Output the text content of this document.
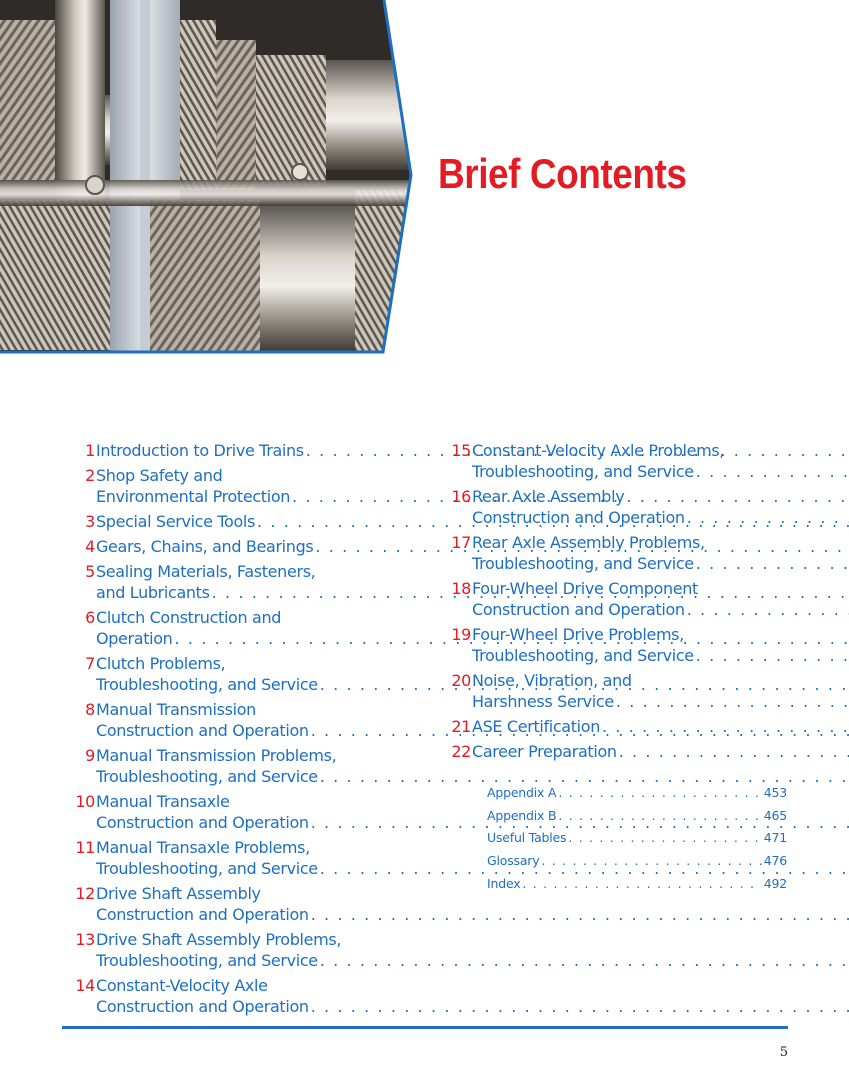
Brief Contents
1 Introduction to Drive Trains
. . .
2 Shop Safety and
Environmental Protection
. . .
3 Special Service Tools
. . .
4 Gears, Chains, and Bearings
. . .
5 Sealing Materials, Fasteners,
and Lubricants
. . .
6 Clutch Construction and
Operation
. . .
7 Clutch Problems,
Troubleshooting, and Service
. . .
8 Manual Transmission
Construction and Operation
. . .
9 Manual Transmission Problems,
Troubleshooting, and Service
. . .
10 Manual Transaxle
Construction and Operation
. . .
11 Manual Transaxle Problems,
Troubleshooting, and Service
. . .
12 Drive Shaft Assembly
Construction and Operation
. . .
13 Drive Shaft Assembly Problems,
Troubleshooting, and Service
. . .
14 Constant-Velocity Axle
Construction and Operation
. . .
15 Constant-Velocity Axle Problems,
Troubleshooting, and Service
. . .
16 Rear Axle Assembly
Construction and Operation
. . .
17 Rear Axle Assembly Problems,
Troubleshooting, and Service
. . .
18 Four-Wheel Drive Component
Construction and Operation
. . .
19 Four-Wheel Drive Problems,
Troubleshooting, and Service
. . .
20 Noise, Vibration, and
Harshness Service
. . .
21 ASE Certification
. . .
22 Career Preparation
. . .
Appendix A . . .	453
Appendix B . . .	465
Useful Tables . . .	471
Glossary . . .	476
Index . . .	492
5
